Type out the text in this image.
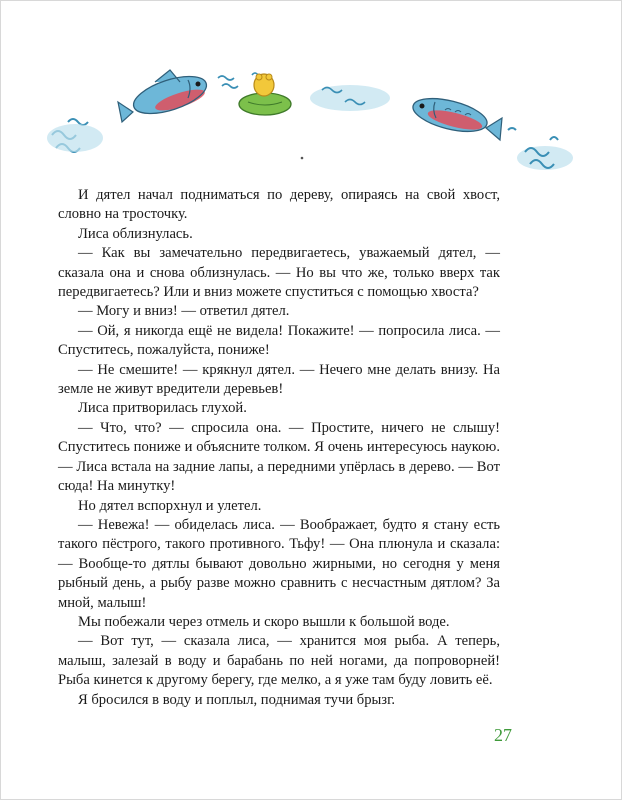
И дятел начал подниматься по дереву, опираясь на свой хвост, словно на тросточку.

Лиса облизнулась.

— Как вы замечательно передвигаетесь, уважаемый дятел, — сказала она и снова облизнулась. — Но вы что же, только вверх так передвигаетесь? Или и вниз можете спуститься с помощью хвоста?

— Могу и вниз! — ответил дятел.

— Ой, я никогда ещё не видела! Покажите! — попросила лиса. — Спуститесь, пожалуйста, пониже!

— Не смешите! — крякнул дятел. — Нечего мне делать внизу. На земле не живут вредители деревьев!

Лиса притворилась глухой.

— Что, что? — спросила она. — Простите, ничего не слышу! Спуститесь пониже и объясните толком. Я очень интересуюсь наукою. — Лиса встала на задние лапы, а передними упёрлась в дерево. — Вот сюда! На минутку!

Но дятел вспорхнул и улетел.

— Невежа! — обиделась лиса. — Воображает, будто я стану есть такого пёстрого, такого противного. Тьфу! — Она плюнула и сказала: — Вообще-то дятлы бывают довольно жирными, но сегодня у меня рыбный день, а рыбу разве можно сравнить с несчастным дятлом? За мной, малыш!

Мы побежали через отмель и скоро вышли к большой воде.

— Вот тут, — сказала лиса, — хранится моя рыба. А теперь, малыш, залезай в воду и барабань по ней ногами, да попроворней! Рыба кинется к другому берегу, где мелко, а я уже там буду ловить её.

Я бросился в воду и поплыл, поднимая тучи брызг.

27
